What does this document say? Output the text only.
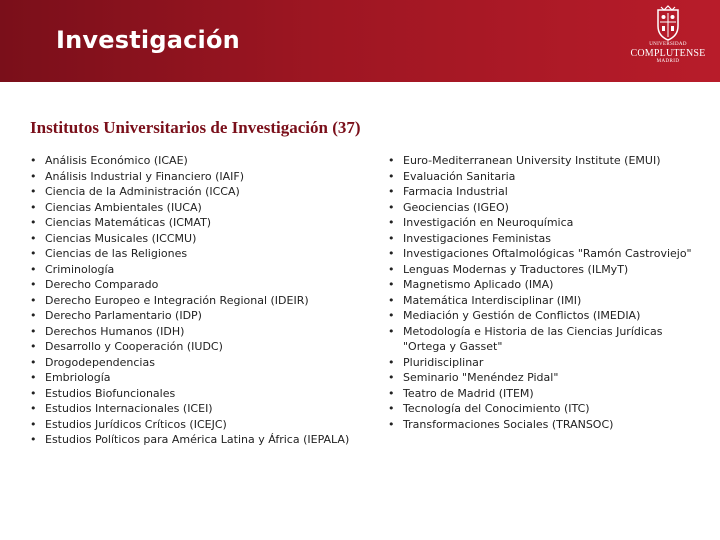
Investigación	UNIVERSIDAD
COMPLUTENSE
MADRID
Institutos Universitarios de Investigación (37)
• Análisis Económico (ICAE)
• Análisis Industrial y Financiero (IAIF)
• Ciencia de la Administración (ICCA)
• Ciencias Ambientales (IUCA)
• Ciencias Matemáticas (ICMAT)
• Ciencias Musicales (ICCMU)
• Ciencias de las Religiones
• Criminología
• Derecho Comparado
• Derecho Europeo e Integración Regional (IDEIR)
• Derecho Parlamentario (IDP)
• Derechos Humanos (IDH)
• Desarrollo y Cooperación (IUDC)
• Drogodependencias
• Embriología
• Estudios Biofuncionales
• Estudios Internacionales (ICEI)
• Estudios Jurídicos Críticos (ICEJC)
• Estudios Políticos para América Latina y África (IEPALA)
• Euro-Mediterranean University Institute (EMUI)
• Evaluación Sanitaria
• Farmacia Industrial
• Geociencias (IGEO)
• Investigación en Neuroquímica
• Investigaciones Feministas
• Investigaciones Oftalmológicas "Ramón Castroviejo"
• Lenguas Modernas y Traductores (ILMyT)
• Magnetismo Aplicado (IMA)
• Matemática Interdisciplinar (IMI)
• Mediación y Gestión de Conflictos (IMEDIA)
• Metodología e Historia de las Ciencias Jurídicas "Ortega y Gasset"
• Pluridisciplinar
• Seminario "Menéndez Pidal"
• Teatro de Madrid (ITEM)
• Tecnología del Conocimiento (ITC)
• Transformaciones Sociales (TRANSOC)
